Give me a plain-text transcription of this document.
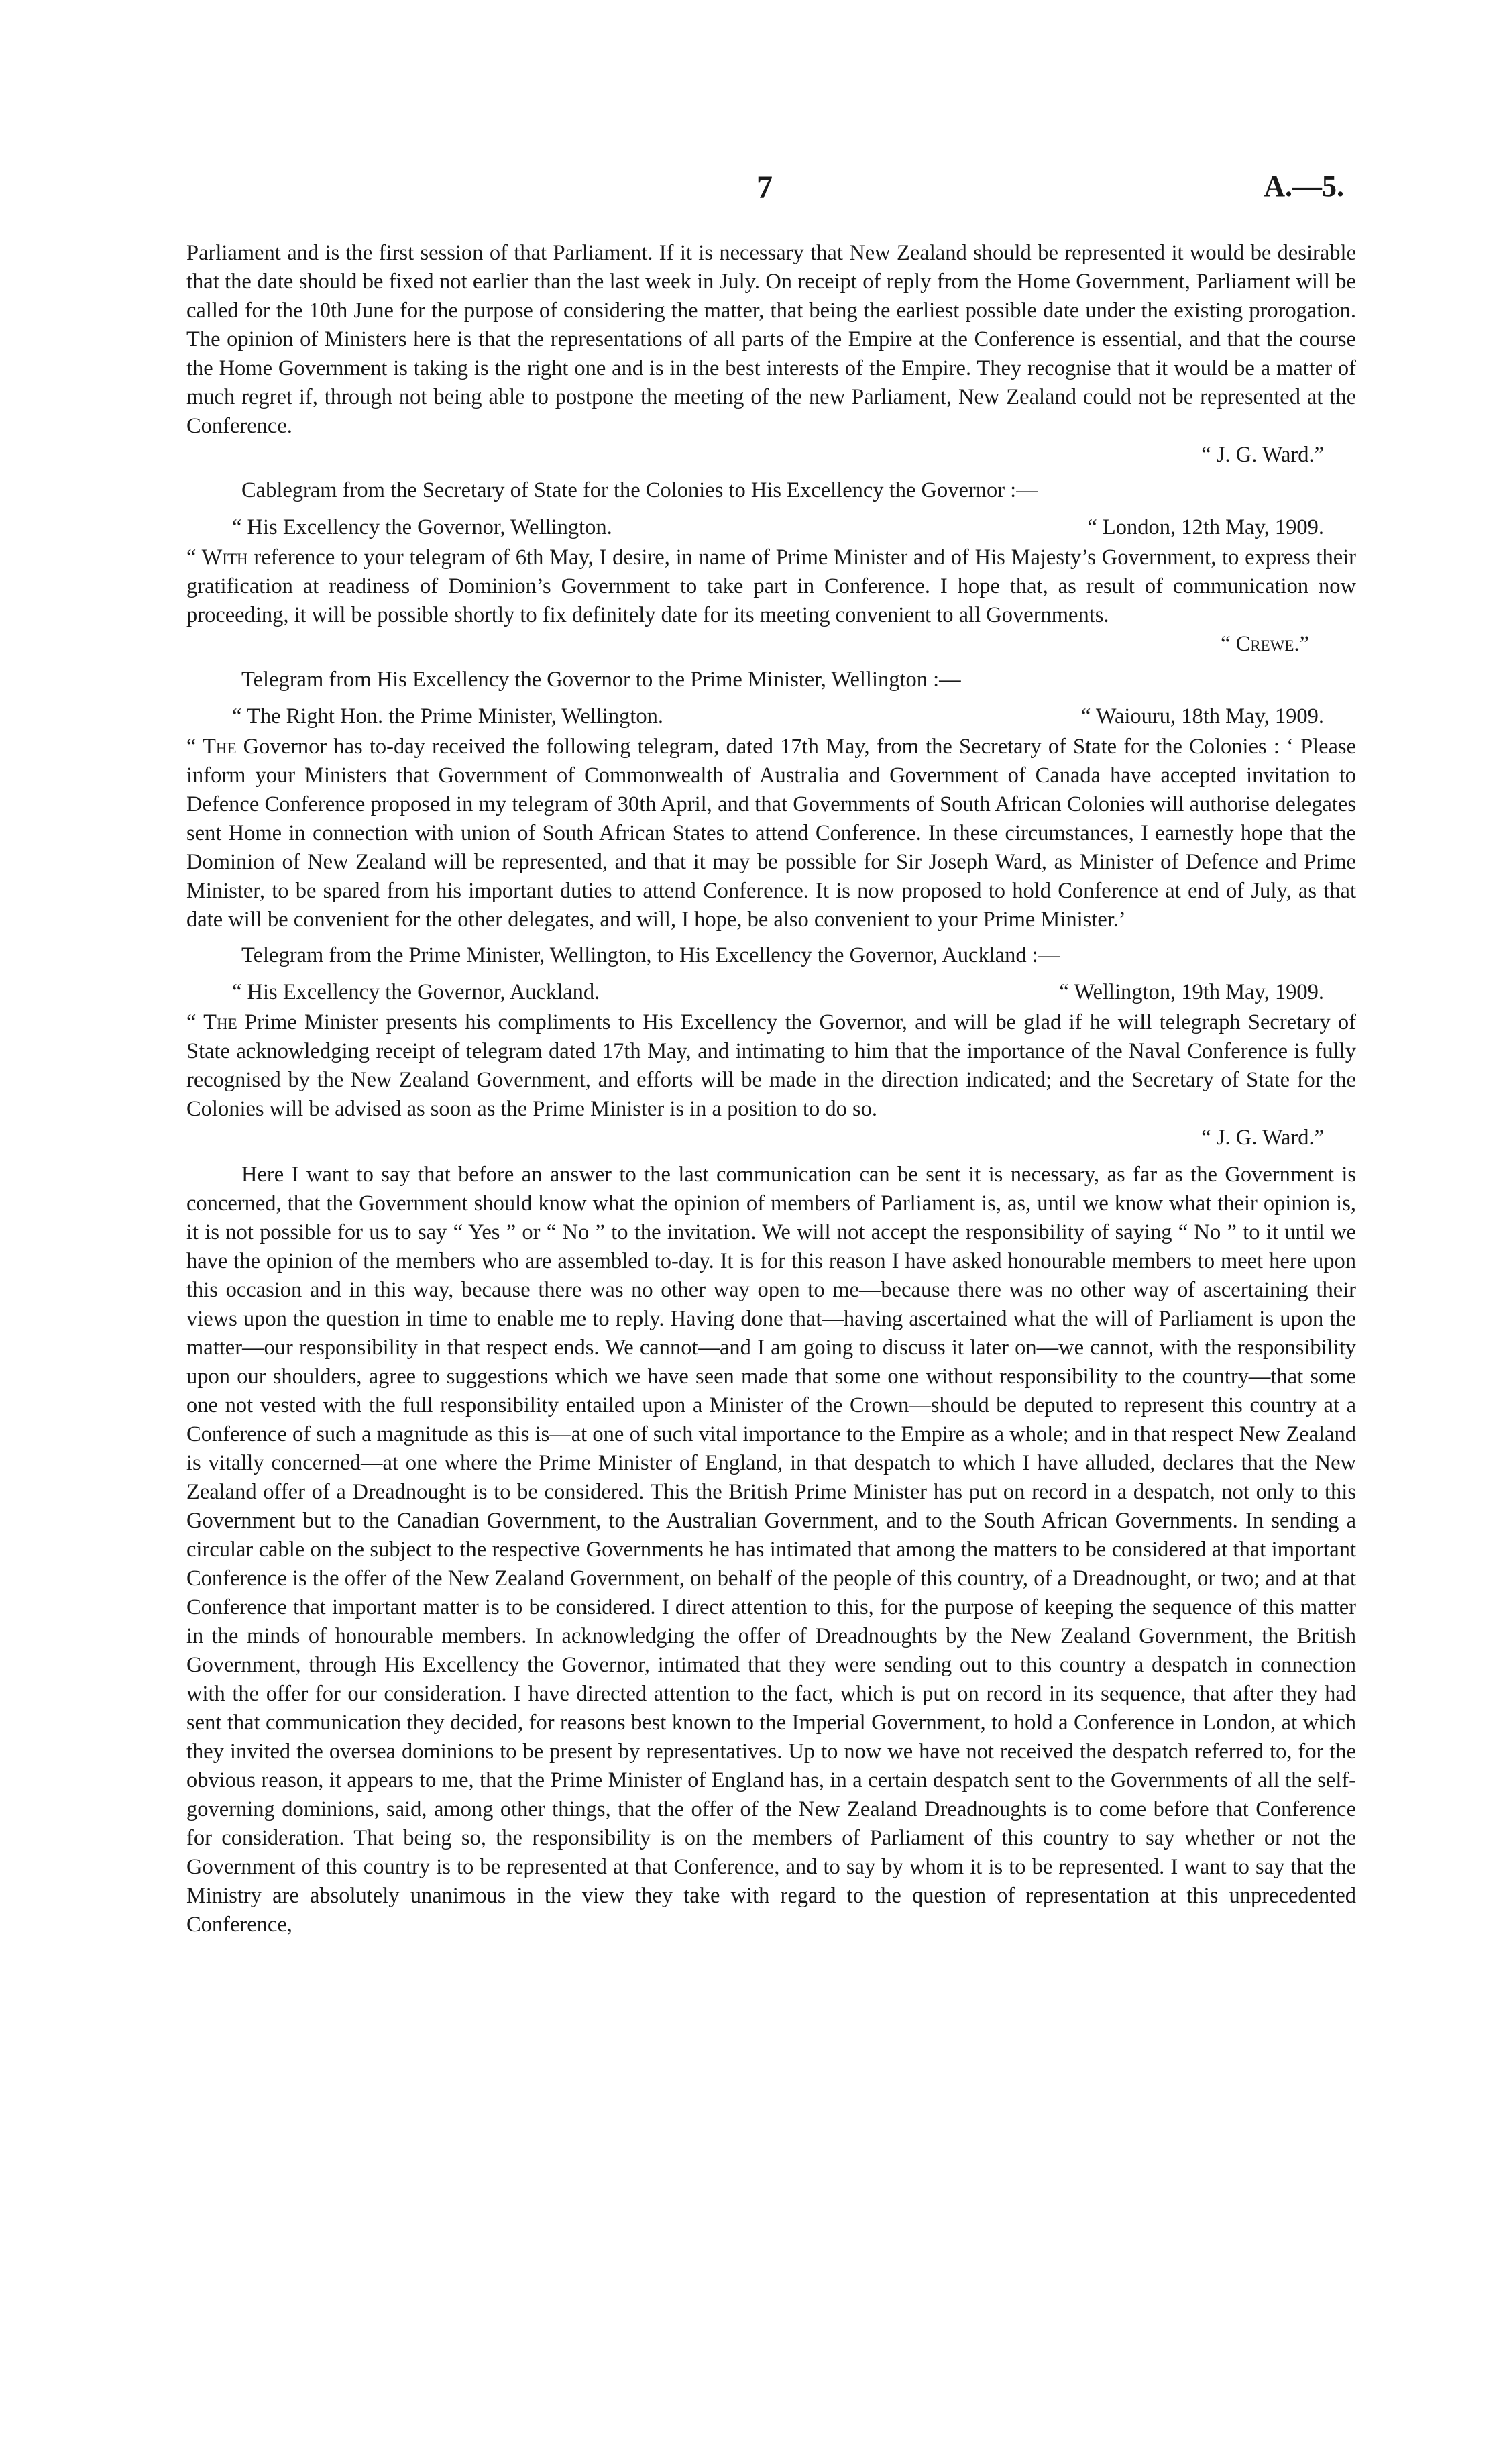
7	A.—5.

Parliament and is the first session of that Parliament. If it is necessary that New Zealand should be represented it would be desirable that the date should be fixed not earlier than the last week in July. On receipt of reply from the Home Government, Parliament will be called for the 10th June for the purpose of considering the matter, that being the earliest possible date under the existing prorogation. The opinion of Ministers here is that the representations of all parts of the Empire at the Conference is essential, and that the course the Home Government is taking is the right one and is in the best interests of the Empire. They recognise that it would be a matter of much regret if, through not being able to postpone the meeting of the new Parliament, New Zealand could not be represented at the Conference.

“ J. G. Ward.”

Cablegram from the Secretary of State for the Colonies to His Excellency the Governor :—

“ His Excellency the Governor, Wellington.	“ London, 12th May, 1909.

“ With reference to your telegram of 6th May, I desire, in name of Prime Minister and of His Majesty’s Government, to express their gratification at readiness of Dominion’s Government to take part in Conference. I hope that, as result of communication now proceeding, it will be possible shortly to fix definitely date for its meeting convenient to all Governments.

“ Crewe.”

Telegram from His Excellency the Governor to the Prime Minister, Wellington :—

“ The Right Hon. the Prime Minister, Wellington.	“ Waiouru, 18th May, 1909.

“ The Governor has to-day received the following telegram, dated 17th May, from the Secretary of State for the Colonies : ‘ Please inform your Ministers that Government of Commonwealth of Australia and Government of Canada have accepted invitation to Defence Conference proposed in my telegram of 30th April, and that Governments of South African Colonies will authorise delegates sent Home in connection with union of South African States to attend Conference. In these circumstances, I earnestly hope that the Dominion of New Zealand will be represented, and that it may be possible for Sir Joseph Ward, as Minister of Defence and Prime Minister, to be spared from his important duties to attend Conference. It is now proposed to hold Conference at end of July, as that date will be convenient for the other delegates, and will, I hope, be also convenient to your Prime Minister.’

Telegram from the Prime Minister, Wellington, to His Excellency the Governor, Auckland :—

“ His Excellency the Governor, Auckland.	“ Wellington, 19th May, 1909.

“ The Prime Minister presents his compliments to His Excellency the Governor, and will be glad if he will telegraph Secretary of State acknowledging receipt of telegram dated 17th May, and intimating to him that the importance of the Naval Conference is fully recognised by the New Zealand Government, and efforts will be made in the direction indicated; and the Secretary of State for the Colonies will be advised as soon as the Prime Minister is in a position to do so.

“ J. G. Ward.”

Here I want to say that before an answer to the last communication can be sent it is necessary, as far as the Government is concerned, that the Government should know what the opinion of members of Parliament is, as, until we know what their opinion is, it is not possible for us to say “ Yes ” or “ No ” to the invitation. We will not accept the responsibility of saying “ No ” to it until we have the opinion of the members who are assembled to-day. It is for this reason I have asked honourable members to meet here upon this occasion and in this way, because there was no other way open to me—because there was no other way of ascertaining their views upon the question in time to enable me to reply. Having done that—having ascertained what the will of Parliament is upon the matter—our responsibility in that respect ends. We cannot—and I am going to discuss it later on—we cannot, with the responsibility upon our shoulders, agree to suggestions which we have seen made that some one without responsibility to the country—that some one not vested with the full responsibility entailed upon a Minister of the Crown—should be deputed to represent this country at a Conference of such a magnitude as this is—at one of such vital importance to the Empire as a whole; and in that respect New Zealand is vitally concerned—at one where the Prime Minister of England, in that despatch to which I have alluded, declares that the New Zealand offer of a Dreadnought is to be considered. This the British Prime Minister has put on record in a despatch, not only to this Government but to the Canadian Government, to the Australian Government, and to the South African Governments. In sending a circular cable on the subject to the respective Governments he has intimated that among the matters to be considered at that important Conference is the offer of the New Zealand Government, on behalf of the people of this country, of a Dreadnought, or two; and at that Conference that important matter is to be considered. I direct attention to this, for the purpose of keeping the sequence of this matter in the minds of honourable members. In acknowledging the offer of Dreadnoughts by the New Zealand Government, the British Government, through His Excellency the Governor, intimated that they were sending out to this country a despatch in connection with the offer for our consideration. I have directed attention to the fact, which is put on record in its sequence, that after they had sent that communication they decided, for reasons best known to the Imperial Government, to hold a Conference in London, at which they invited the oversea dominions to be present by representatives. Up to now we have not received the despatch referred to, for the obvious reason, it appears to me, that the Prime Minister of England has, in a certain despatch sent to the Governments of all the self-governing dominions, said, among other things, that the offer of the New Zealand Dreadnoughts is to come before that Conference for consideration. That being so, the responsibility is on the members of Parliament of this country to say whether or not the Government of this country is to be represented at that Conference, and to say by whom it is to be represented. I want to say that the Ministry are absolutely unanimous in the view they take with regard to the question of representation at this unprecedented Conference,
